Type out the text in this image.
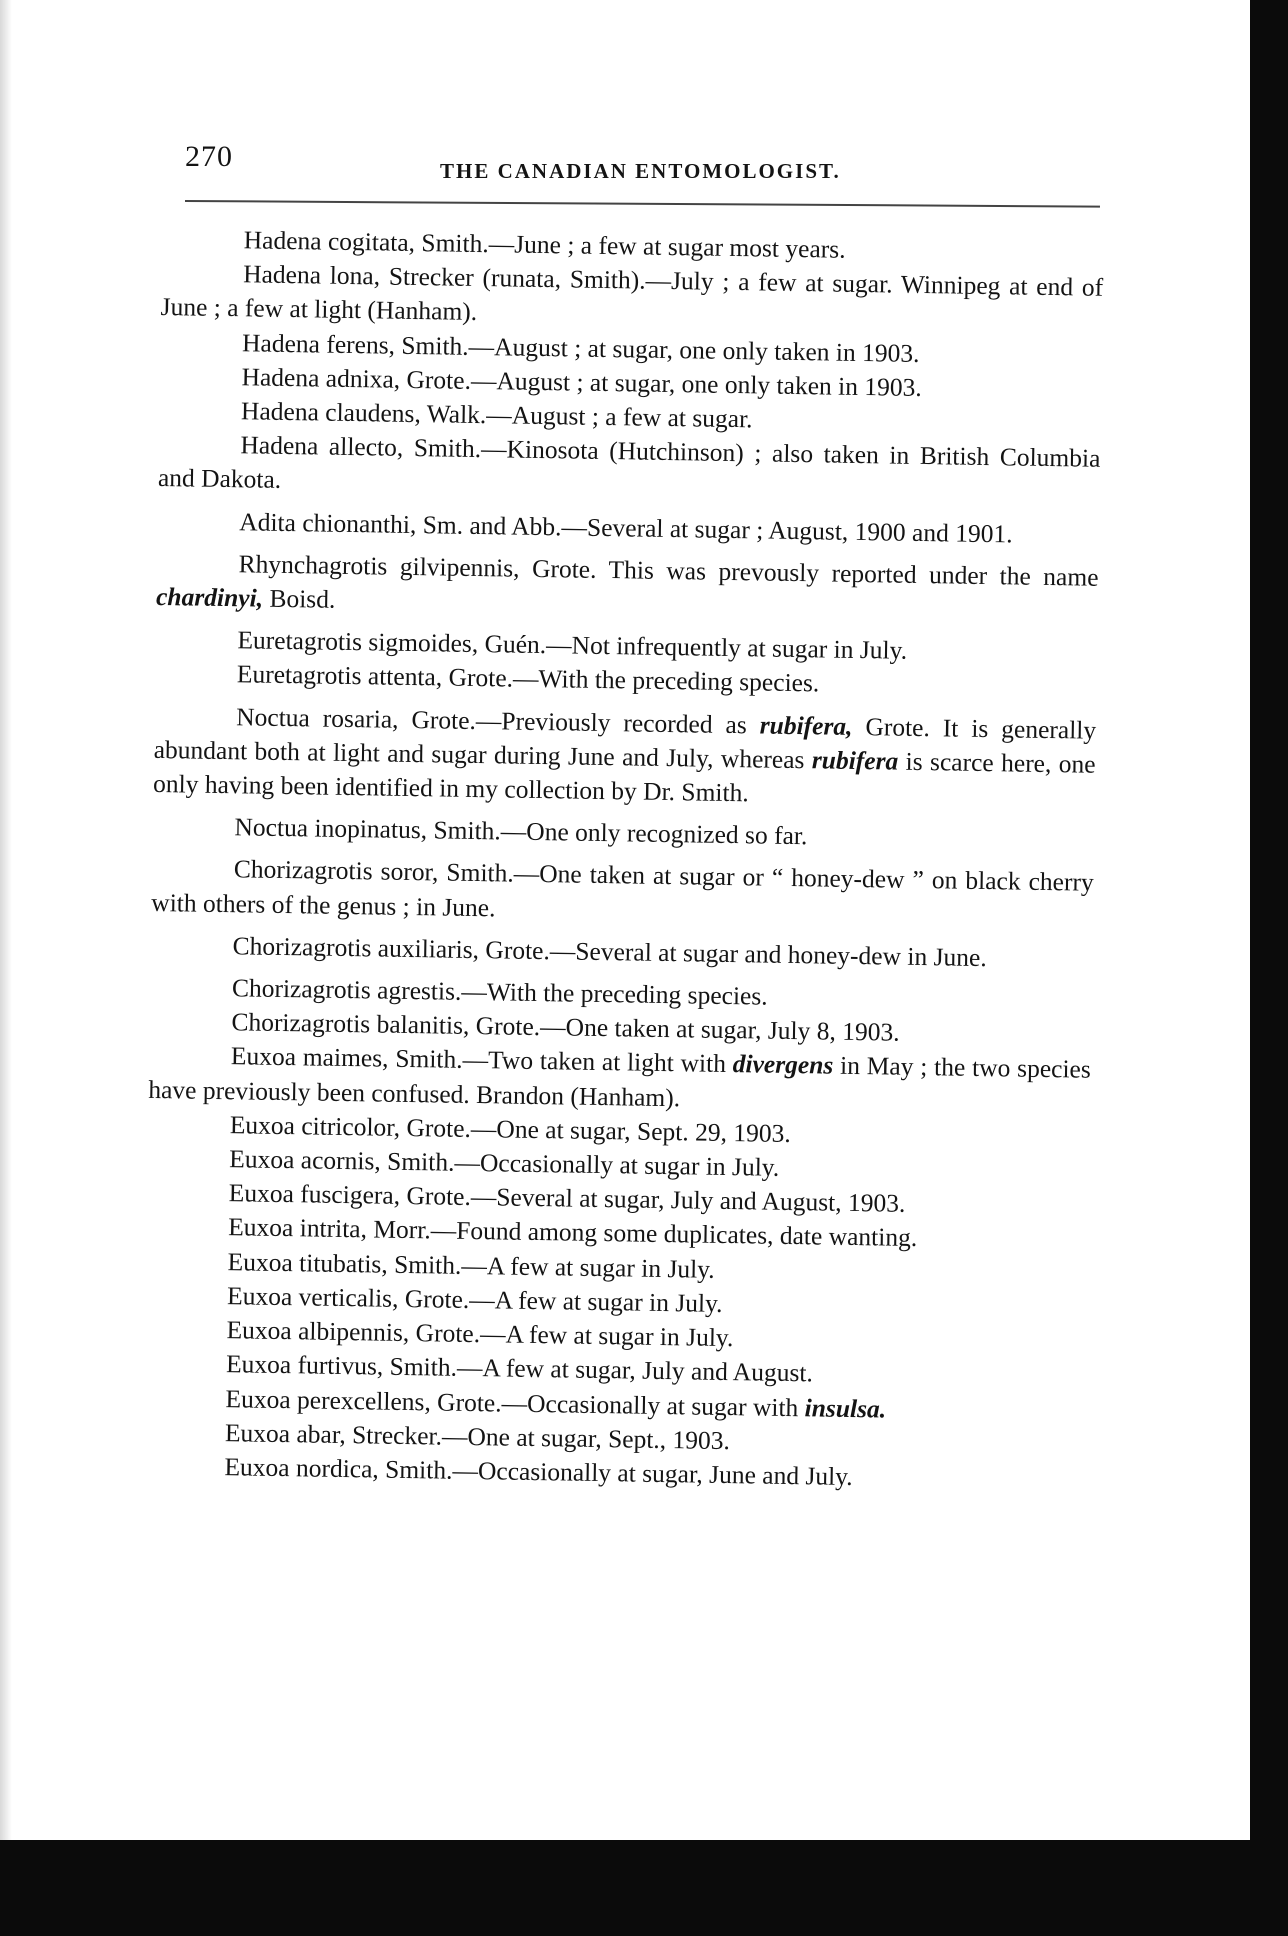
270	THE CANADIAN ENTOMOLOGIST.

Hadena cogitata, Smith.—June ; a few at sugar most years.

Hadena lona, Strecker (runata, Smith).—July ; a few at sugar. Winnipeg at end of June ; a few at light (Hanham).

Hadena ferens, Smith.—August ; at sugar, one only taken in 1903.

Hadena adnixa, Grote.—August ; at sugar, one only taken in 1903.

Hadena claudens, Walk.—August ; a few at sugar.

Hadena allecto, Smith.—Kinosota (Hutchinson) ; also taken in British Columbia and Dakota.

Adita chionanthi, Sm. and Abb.—Several at sugar ; August, 1900 and 1901.

Rhynchagrotis gilvipennis, Grote. This was prevously reported under the name chardinyi, Boisd.

Euretagrotis sigmoides, Guén.—Not infrequently at sugar in July.

Euretagrotis attenta, Grote.—With the preceding species.

Noctua rosaria, Grote.—Previously recorded as rubifera, Grote. It is generally abundant both at light and sugar during June and July, whereas rubifera is scarce here, one only having been identified in my collection by Dr. Smith.

Noctua inopinatus, Smith.—One only recognized so far.

Chorizagrotis soror, Smith.—One taken at sugar or “ honey-dew ” on black cherry with others of the genus ; in June.

Chorizagrotis auxiliaris, Grote.—Several at sugar and honey-dew in June.

Chorizagrotis agrestis.—With the preceding species.

Chorizagrotis balanitis, Grote.—One taken at sugar, July 8, 1903.

Euxoa maimes, Smith.—Two taken at light with divergens in May ; the two species have previously been confused. Brandon (Hanham).

Euxoa citricolor, Grote.—One at sugar, Sept. 29, 1903.

Euxoa acornis, Smith.—Occasionally at sugar in July.

Euxoa fuscigera, Grote.—Several at sugar, July and August, 1903.

Euxoa intrita, Morr.—Found among some duplicates, date wanting.

Euxoa titubatis, Smith.—A few at sugar in July.

Euxoa verticalis, Grote.—A few at sugar in July.

Euxoa albipennis, Grote.—A few at sugar in July.

Euxoa furtivus, Smith.—A few at sugar, July and August.

Euxoa perexcellens, Grote.—Occasionally at sugar with insulsa.

Euxoa abar, Strecker.—One at sugar, Sept., 1903.

Euxoa nordica, Smith.—Occasionally at sugar, June and July.
